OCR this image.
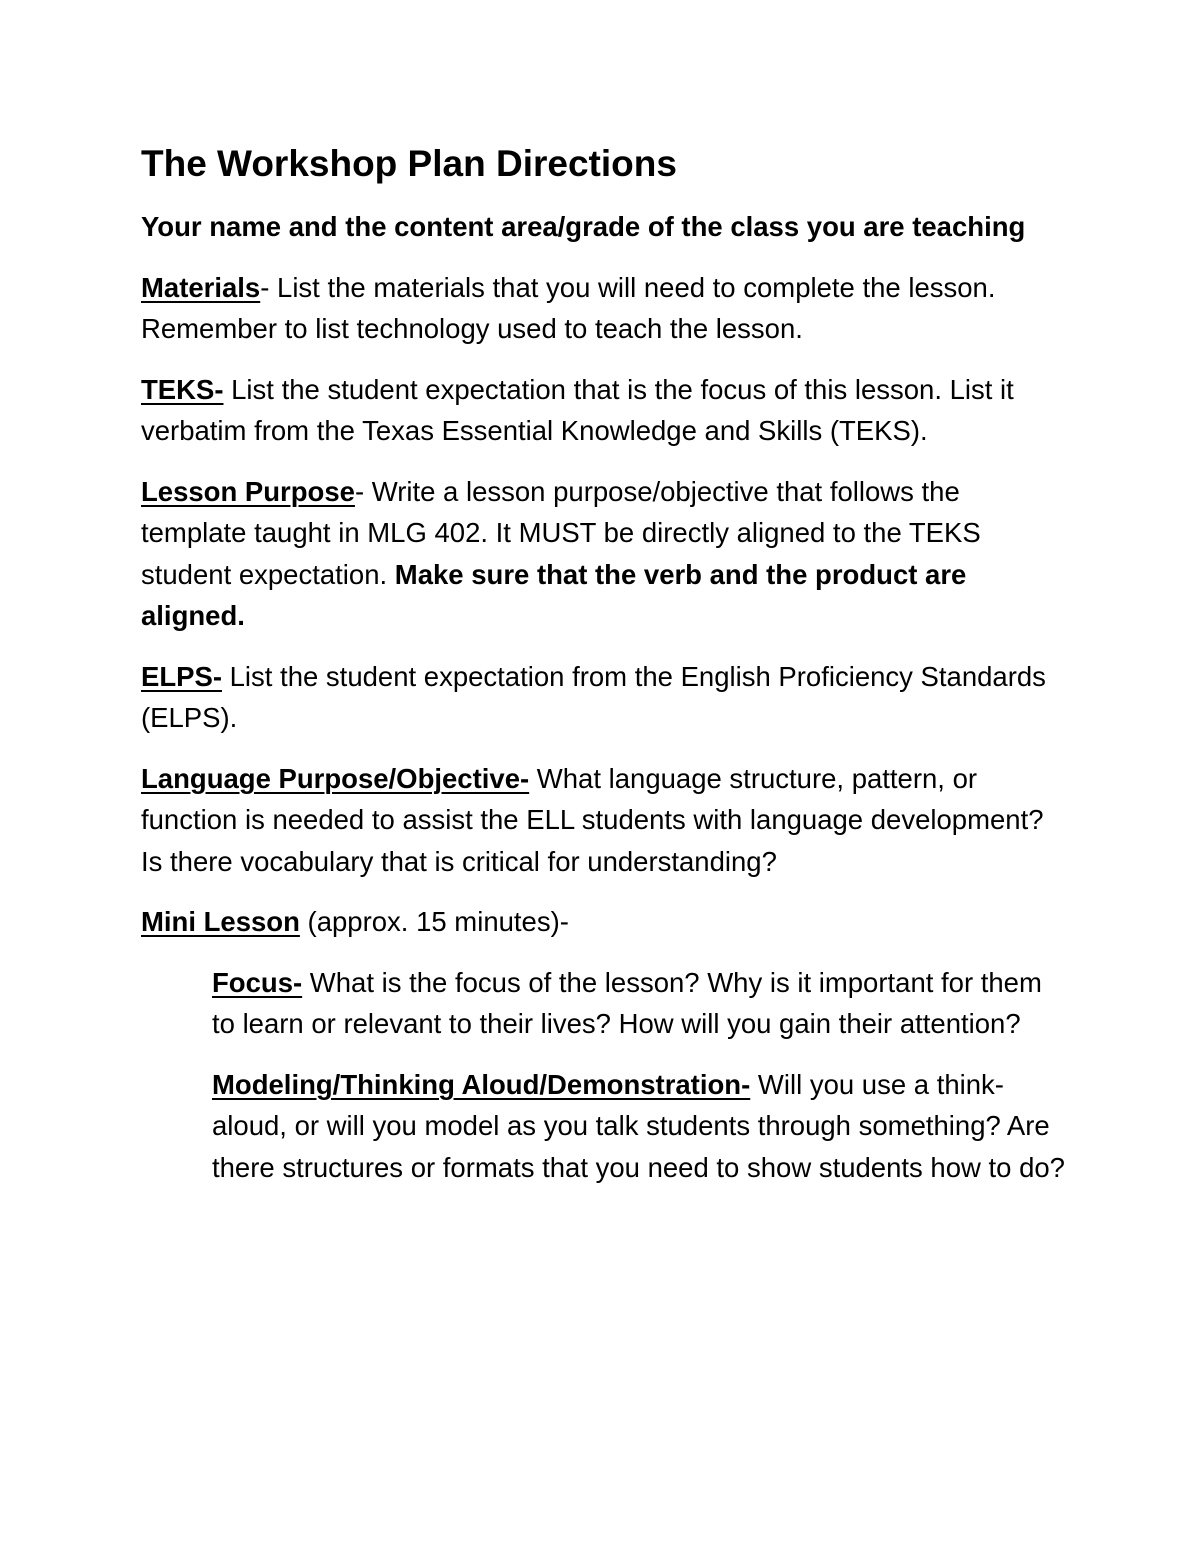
The Workshop Plan Directions
Your name and the content area/grade of the class you are teaching
Materials- List the materials that you will need to complete the lesson. Remember to list technology used to teach the lesson.
TEKS- List the student expectation that is the focus of this lesson. List it verbatim from the Texas Essential Knowledge and Skills (TEKS).
Lesson Purpose- Write a lesson purpose/objective that follows the template taught in MLG 402. It MUST be directly aligned to the TEKS student expectation. Make sure that the verb and the product are aligned.
ELPS- List the student expectation from the English Proficiency Standards (ELPS).
Language Purpose/Objective- What language structure, pattern, or function is needed to assist the ELL students with language development? Is there vocabulary that is critical for understanding?
Mini Lesson (approx. 15 minutes)-
Focus- What is the focus of the lesson? Why is it important for them to learn or relevant to their lives? How will you gain their attention?
Modeling/Thinking Aloud/Demonstration- Will you use a think-aloud, or will you model as you talk students through something? Are there structures or formats that you need to show students how to do?
